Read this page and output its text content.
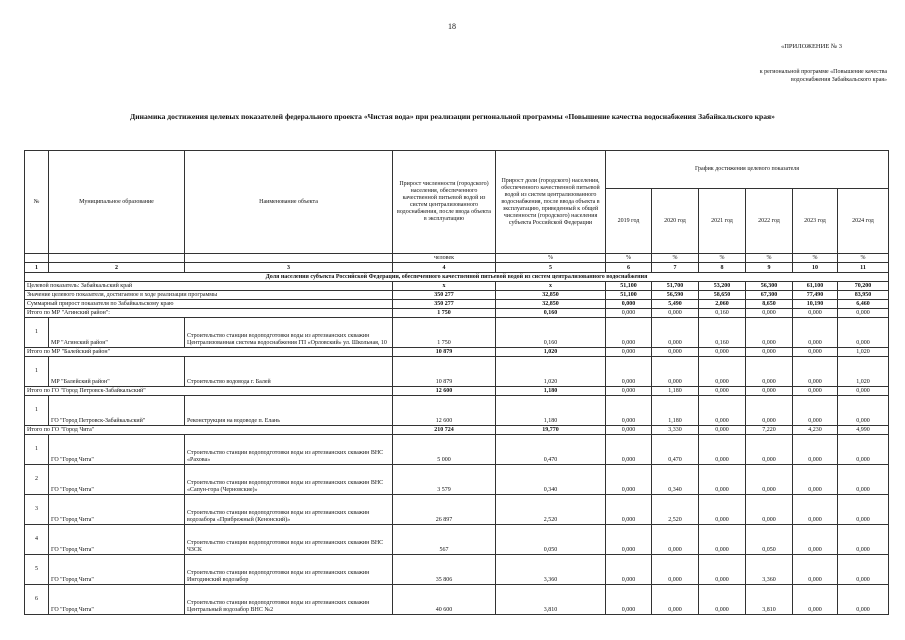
18
«ПРИЛОЖЕНИЕ № 3
к региональной программе «Повышение качества водоснабжения Забайкальского края»
Динамика достижения целевых показателей федерального проекта «Чистая вода» при реализации региональной программы «Повышение качества водоснабжения Забайкальского края»
№	Муниципальное образование	Наименование объекта	Прирост численности (городского) населения, обеспеченного качественной питьевой водой из систем централизованного водоснабжения, после ввода объекта в эксплуатацию	Прирост доли (городского) населения, обеспеченного качественной питьевой водой из систем централизованного водоснабжения, после ввода объекта в эксплуатацию, приведенный к общей численности (городского) населения субъекта Российской Федерации	График достижения целевого показателя					
					2019 год	2020 год	2021 год	2022 год	2023 год	2024 год
			человек	%	%	%	%	%	%	%
1	2	3	4	5	6	7	8	9	10	11
Доля населения субъекта Российской Федерации, обеспеченного качественной питьевой водой из систем централизованного водоснабжения										
Целевой показатель: Забайкальский край			x	x	51,100	51,700	53,200	56,300	61,100	70,200
Значение целевого показателя, достигаемое в ходе реализации программы			350 277	32,850	51,100	56,590	58,650	67,300	77,490	83,950
Суммарный прирост показателя по Забайкальскому краю			350 277	32,850	0,000	5,490	2,060	8,650	10,190	6,460
Итого по МР "Агинский район":			1 750	0,160	0,000	0,000	0,160	0,000	0,000	0,000
1	МР "Агинский район"	Строительство станции водоподготовки воды из артезианских скважин Централизованная система водоснабжения ГП «Орловский» ул. Школьная, 10	1 750	0,160	0,000	0,000	0,160	0,000	0,000	0,000
Итого по МР "Балейский район"			10 879	1,020	0,000	0,000	0,000	0,000	0,000	1,020
1	МР "Балейский район"	Строительство водовода г. Балей	10 879	1,020	0,000	0,000	0,000	0,000	0,000	1,020
Итого по ГО "Город Петровск-Забайкальский"			12 600	1,180	0,000	1,180	0,000	0,000	0,000	0,000
1	ГО "Город Петровск-Забайкальский"	Реконструкция на водоводе п. Елань	12 600	1,180	0,000	1,180	0,000	0,000	0,000	0,000
Итого по ГО "Город Чита"			210 724	19,770	0,000	3,330	0,000	7,220	4,230	4,990
1	ГО "Город Чита"	Строительство станции водоподготовки воды из артезианских скважин ВНС «Рахова»	5 000	0,470	0,000	0,470	0,000	0,000	0,000	0,000
2	ГО "Город Чита"	Строительство станции водоподготовки воды из артезианских скважин ВНС «Сапун-гора (Черновские)»	3 579	0,340	0,000	0,340	0,000	0,000	0,000	0,000
3	ГО "Город Чита"	Строительство станции водоподготовки воды из артезианских скважин водозабора «Прибрежный (Кенонский)»	26 897	2,520	0,000	2,520	0,000	0,000	0,000	0,000
4	ГО "Город Чита"	Строительство станции водоподготовки воды из артезианских скважин ВНС ЧЗСК	567	0,050	0,000	0,000	0,000	0,050	0,000	0,000
5	ГО "Город Чита"	Строительство станции водоподготовки воды из артезианских скважин Ингодинский водозабор	35 806	3,360	0,000	0,000	0,000	3,360	0,000	0,000
6	ГО "Город Чита"	Строительство станции водоподготовки воды из артезианских скважин Центральный водозабор ВНС №2	40 600	3,810	0,000	0,000	0,000	3,810	0,000	0,000
